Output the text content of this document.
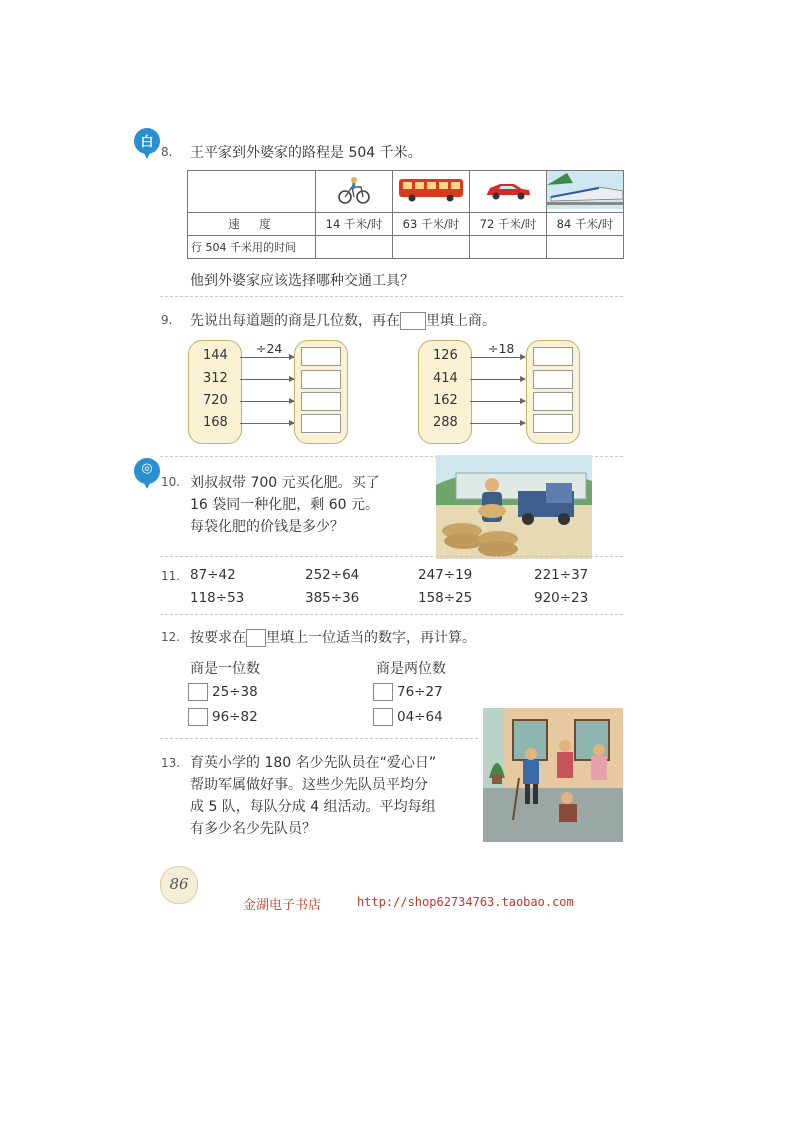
白
8. 王平家到外婆家的路程是 504 千米。

速　度	14 千米/时	63 千米/时	72 千米/时	84 千米/时
行 504 千米用的时间				
他到外婆家应该选择哪种交通工具？
9. 先说出每道题的商是几位数，再在 里填上商。
144
312
720
168
÷24	126
414
162
288
÷18
◎
10. 刘叔叔带 700 元买化肥。买了
16 袋同一种化肥，剩 60 元。
每袋化肥的价钱是多少？
11. 87÷42	252÷64	247÷19	221÷37
118÷53	385÷36	158÷25	920÷23
12. 按要求在 里填上一位适当的数字，再计算。
商是一位数	商是两位数
25÷38
96÷82
76÷27
04÷64
13. 育英小学的 180 名少先队员在“爱心日”
帮助军属做好事。这些少先队员平均分
成 5 队，每队分成 4 组活动。平均每组
有多少名少先队员？
86
金湖电子书店	http://shop62734763.taobao.com
